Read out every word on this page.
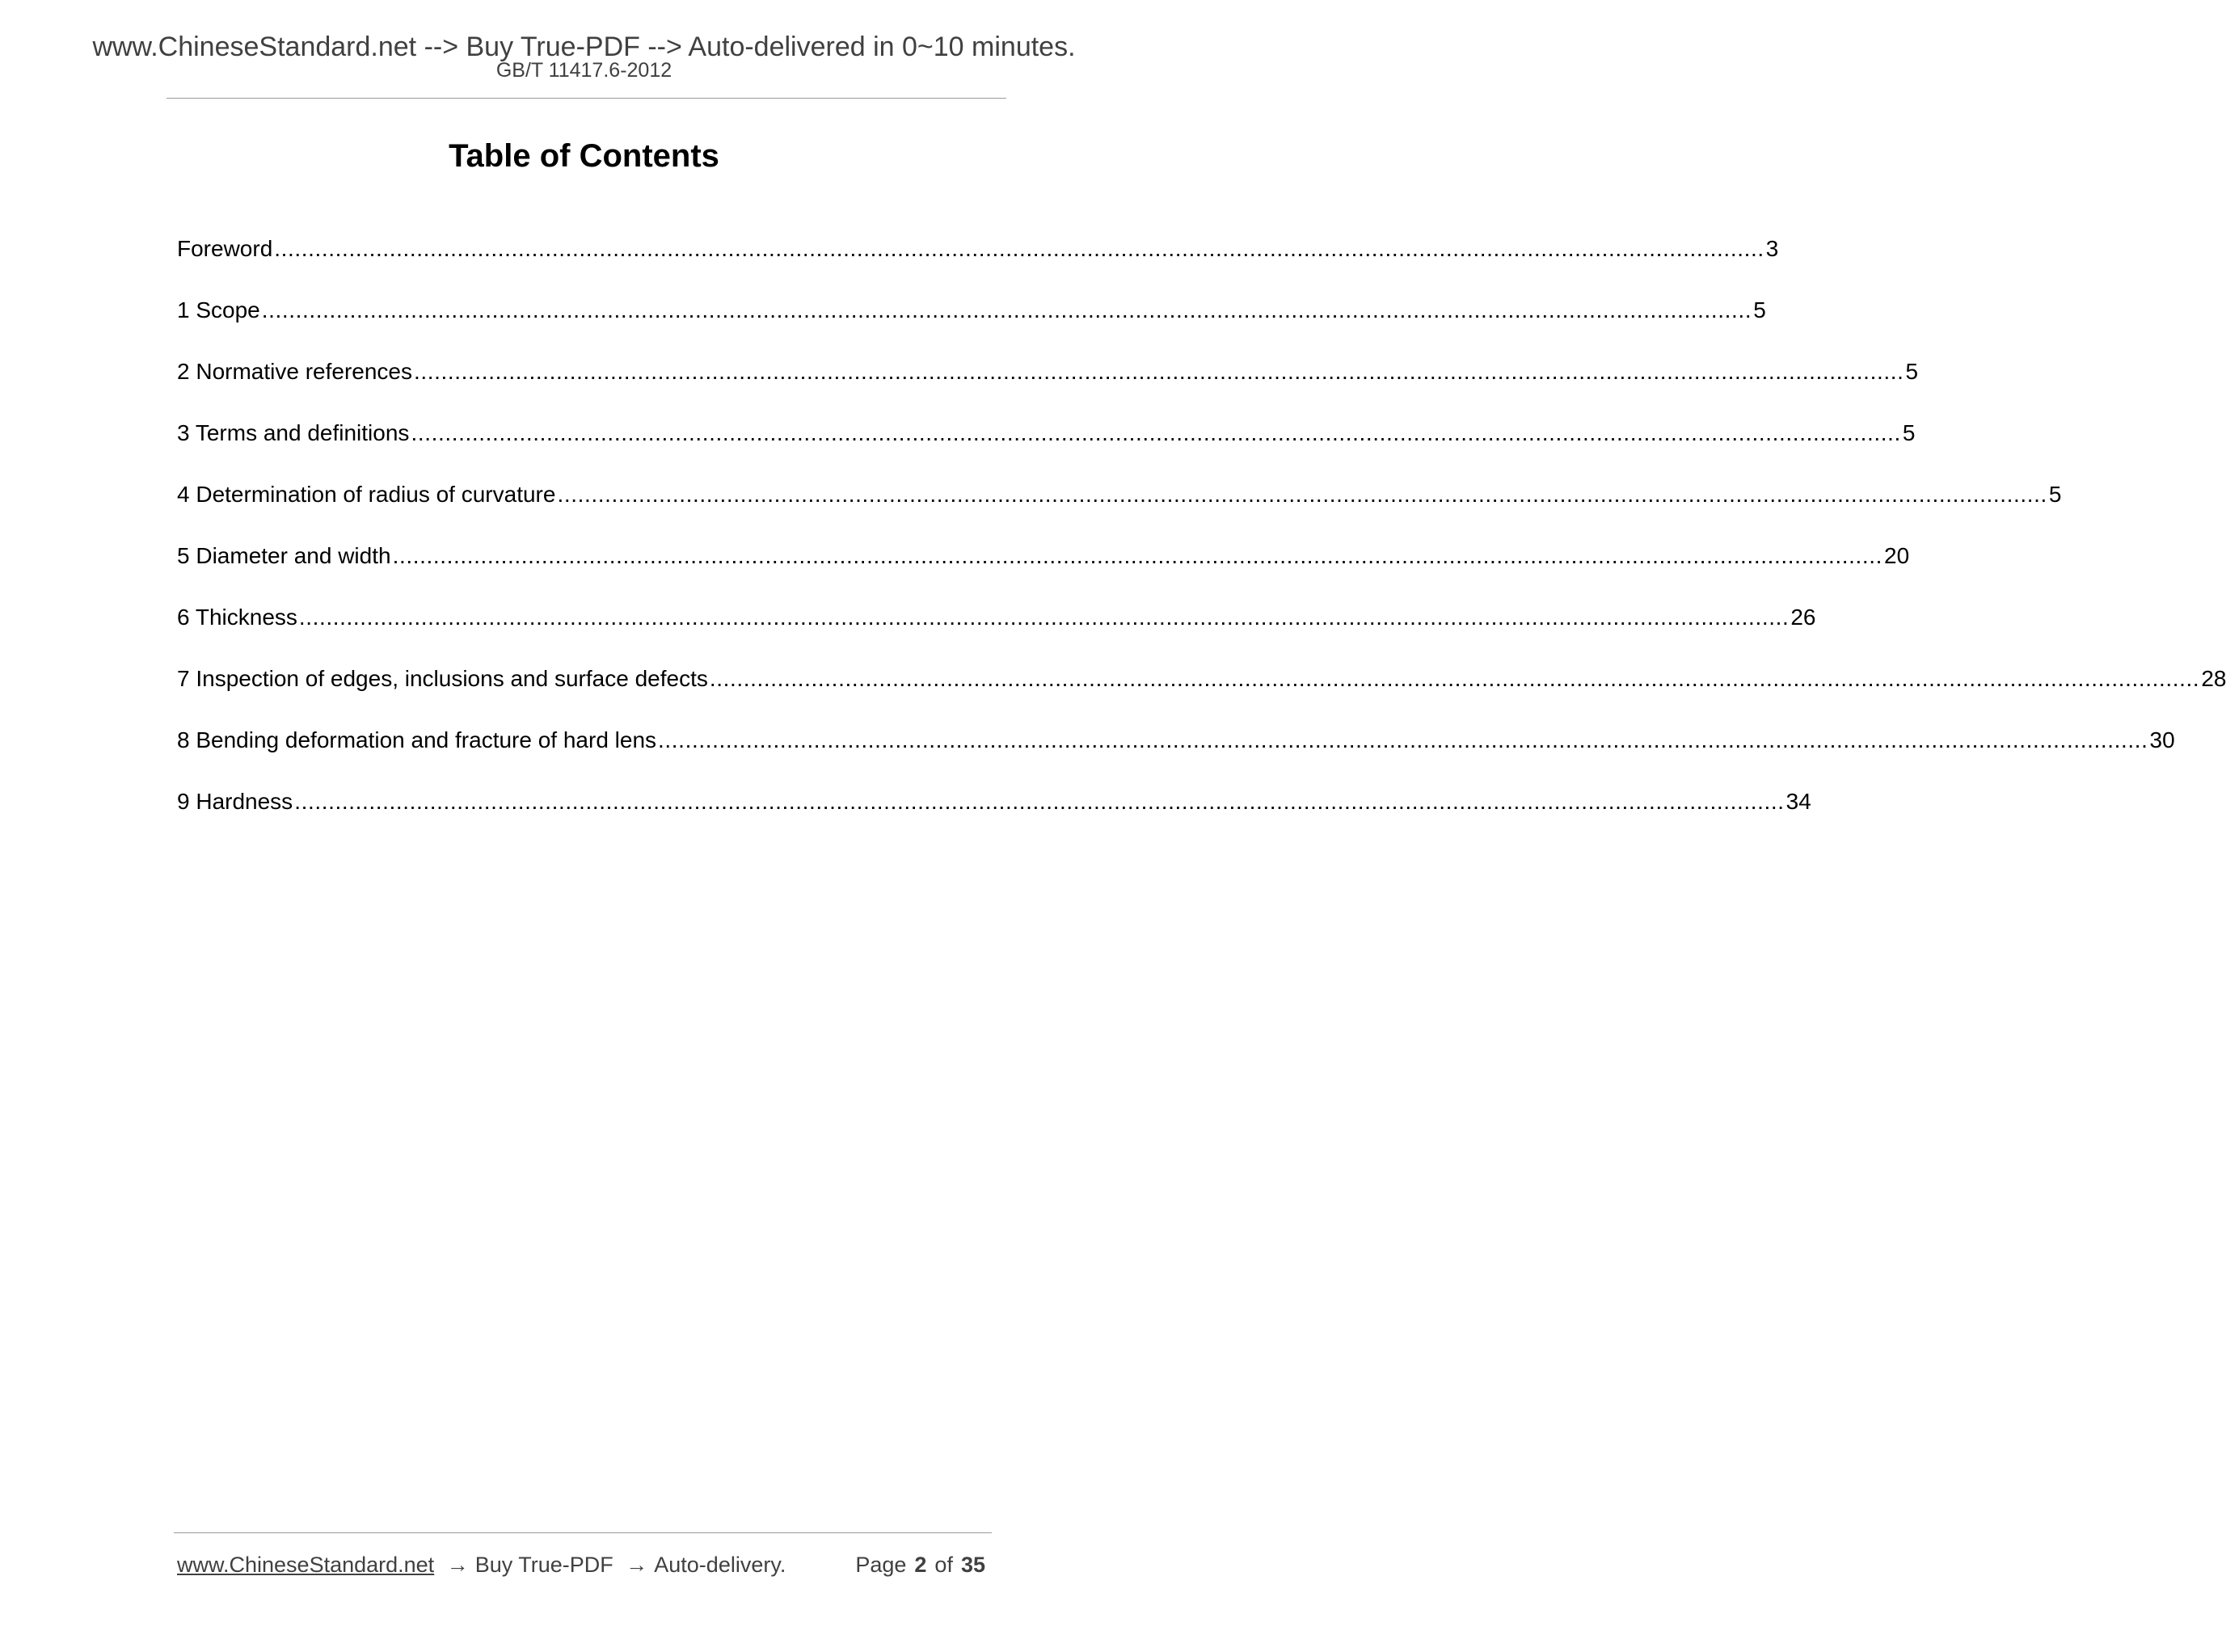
www.ChineseStandard.net --> Buy True-PDF --> Auto-delivered in 0~10 minutes.
GB/T 11417.6-2012
Table of Contents
Foreword ............................................................................................................................................................................................................................ 3
1 Scope ............................................................................................................................................................................................................................ 5
2 Normative references ............................................................................................................................................................................................................................ 5
3 Terms and definitions ............................................................................................................................................................................................................................ 5
4 Determination of radius of curvature ............................................................................................................................................................................................................................ 5
5 Diameter and width ............................................................................................................................................................................................................................ 20
6 Thickness ............................................................................................................................................................................................................................ 26
7 Inspection of edges, inclusions and surface defects ............................................................................................................................................................................................................................ 28
8 Bending deformation and fracture of hard lens ............................................................................................................................................................................................................................ 30
9 Hardness ............................................................................................................................................................................................................................ 34
www.ChineseStandard.net → Buy True-PDF → Auto-delivery.	Page 2 of 35
